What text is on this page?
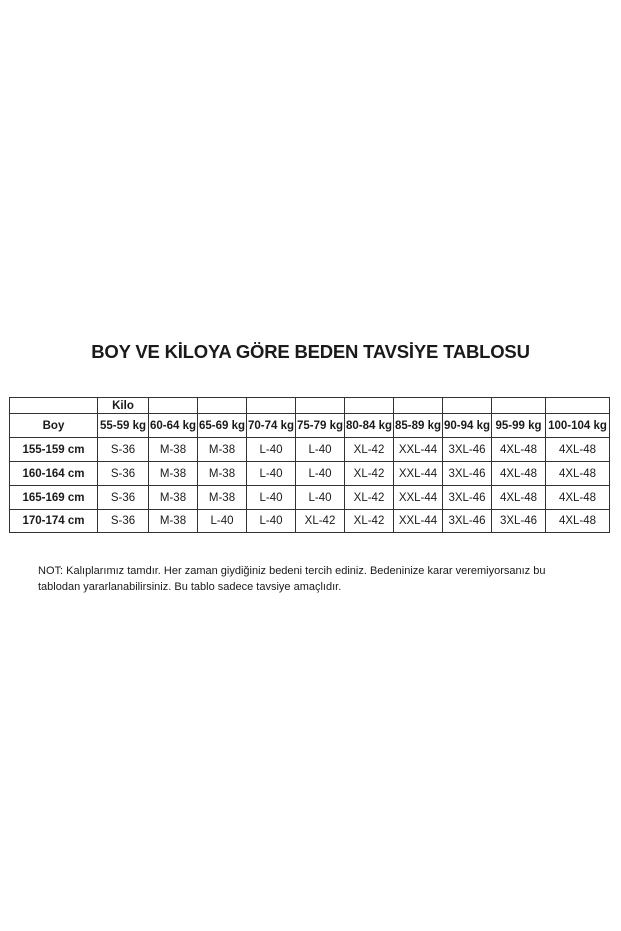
BOY VE KİLOYA GÖRE BEDEN TAVSİYE TABLOSU
	Kilo									
Boy	55-59 kg	60-64 kg	65-69 kg	70-74 kg	75-79 kg	80-84 kg	85-89 kg	90-94 kg	95-99 kg	100-104 kg
155-159 cm	S-36	M-38	M-38	L-40	L-40	XL-42	XXL-44	3XL-46	4XL-48	4XL-48
160-164 cm	S-36	M-38	M-38	L-40	L-40	XL-42	XXL-44	3XL-46	4XL-48	4XL-48
165-169 cm	S-36	M-38	M-38	L-40	L-40	XL-42	XXL-44	3XL-46	4XL-48	4XL-48
170-174 cm	S-36	M-38	L-40	L-40	XL-42	XL-42	XXL-44	3XL-46	3XL-46	4XL-48
NOT: Kalıplarımız tamdır. Her zaman giydiğiniz bedeni tercih ediniz. Bedeninize karar veremiyorsanız bu
tablodan yararlanabilirsiniz. Bu tablo sadece tavsiye amaçlıdır.
